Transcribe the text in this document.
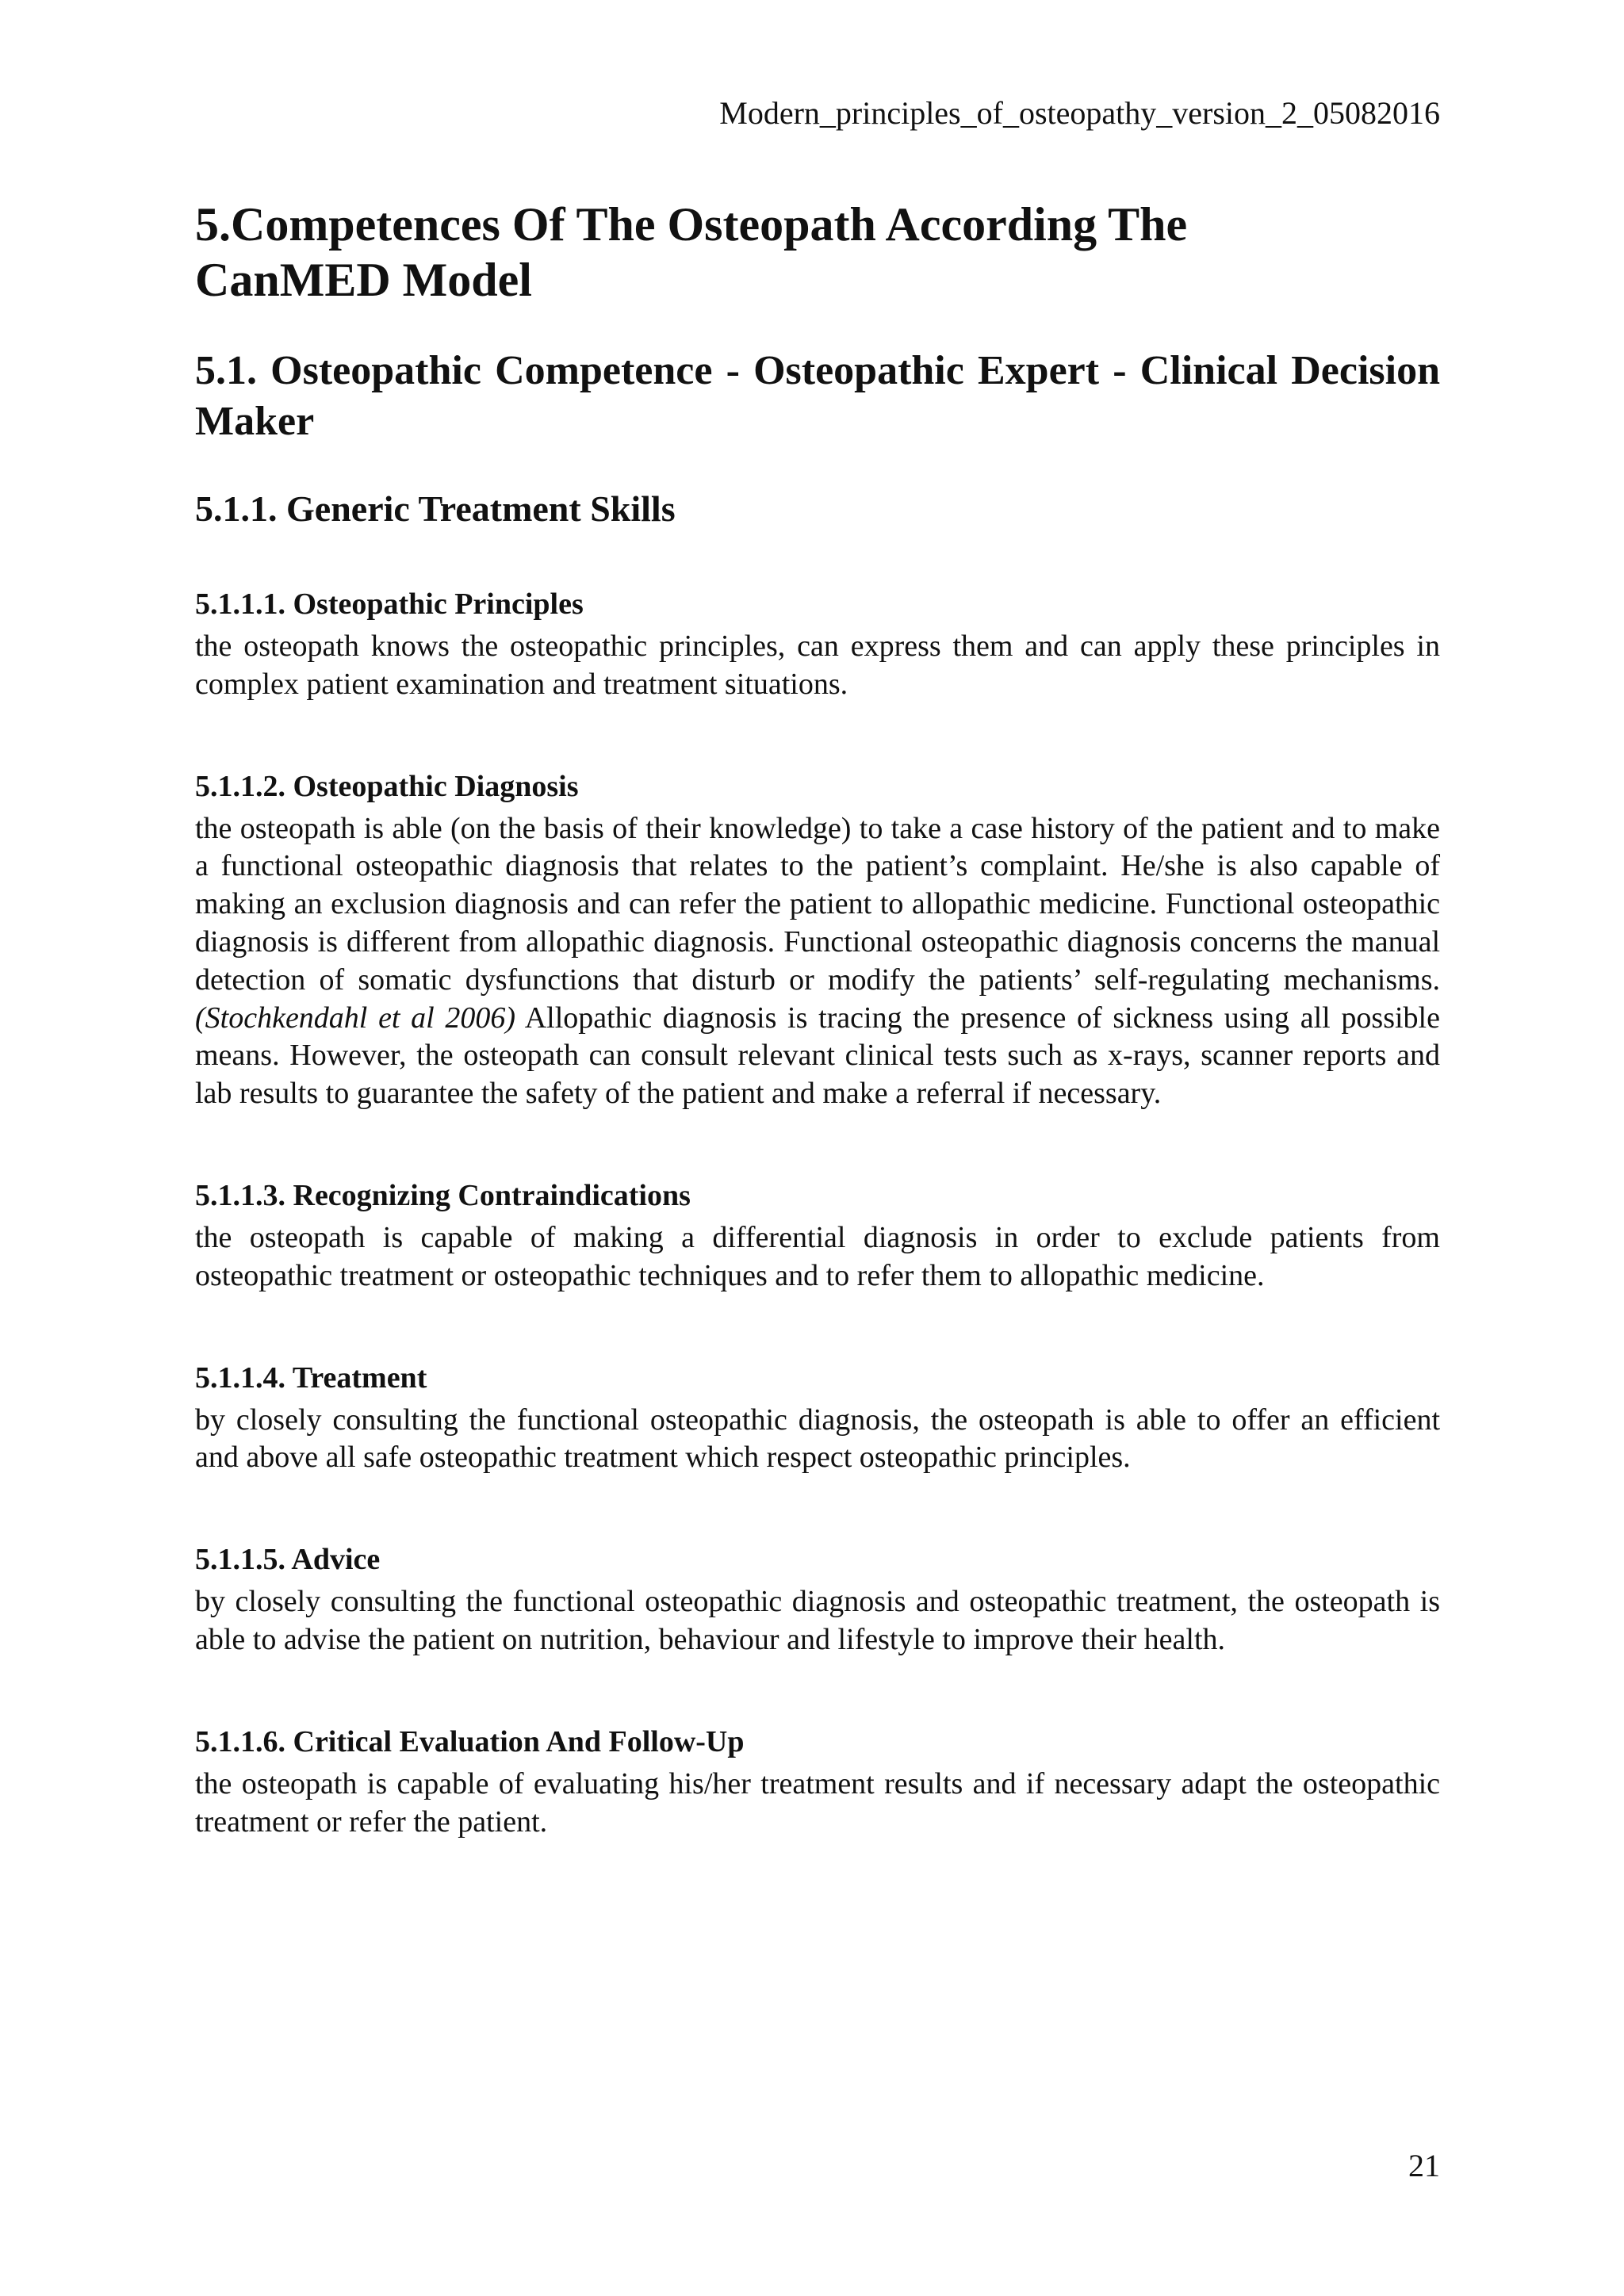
Modern_principles_of_osteopathy_version_2_05082016
5.Competences Of The Osteopath According The CanMED Model
5.1. Osteopathic Competence - Osteopathic Expert - Clinical Decision Maker
5.1.1. Generic Treatment Skills
5.1.1.1. Osteopathic Principles

the osteopath knows the osteopathic principles, can express them and can apply these principles in complex patient examination and treatment situations.

5.1.1.2. Osteopathic Diagnosis

the osteopath is able (on the basis of their knowledge) to take a case history of the patient and to make a functional osteopathic diagnosis that relates to the patient’s complaint. He/she is also capable of making an exclusion diagnosis and can refer the patient to allopathic medicine. Functional osteopathic diagnosis is different from allopathic diagnosis. Functional osteopathic diagnosis concerns the manual detection of somatic dysfunctions that disturb or modify the patients’ self-regulating mechanisms. (Stochkendahl et al 2006) Allopathic diagnosis is tracing the presence of sickness using all possible means. However, the osteopath can consult relevant clinical tests such as x-rays, scanner reports and lab results to guarantee the safety of the patient and make a referral if necessary.

5.1.1.3. Recognizing Contraindications

the osteopath is capable of making a differential diagnosis in order to exclude patients from osteopathic treatment or osteopathic techniques and to refer them to allopathic medicine.

5.1.1.4. Treatment

by closely consulting the functional osteopathic diagnosis, the osteopath is able to offer an efficient and above all safe osteopathic treatment which respect osteopathic principles.

5.1.1.5. Advice

by closely consulting the functional osteopathic diagnosis and osteopathic treatment, the osteopath is able to advise the patient on nutrition, behaviour and lifestyle to improve their health.

5.1.1.6. Critical Evaluation And Follow-Up

the osteopath is capable of evaluating his/her treatment results and if necessary adapt the osteopathic treatment or refer the patient.

21
